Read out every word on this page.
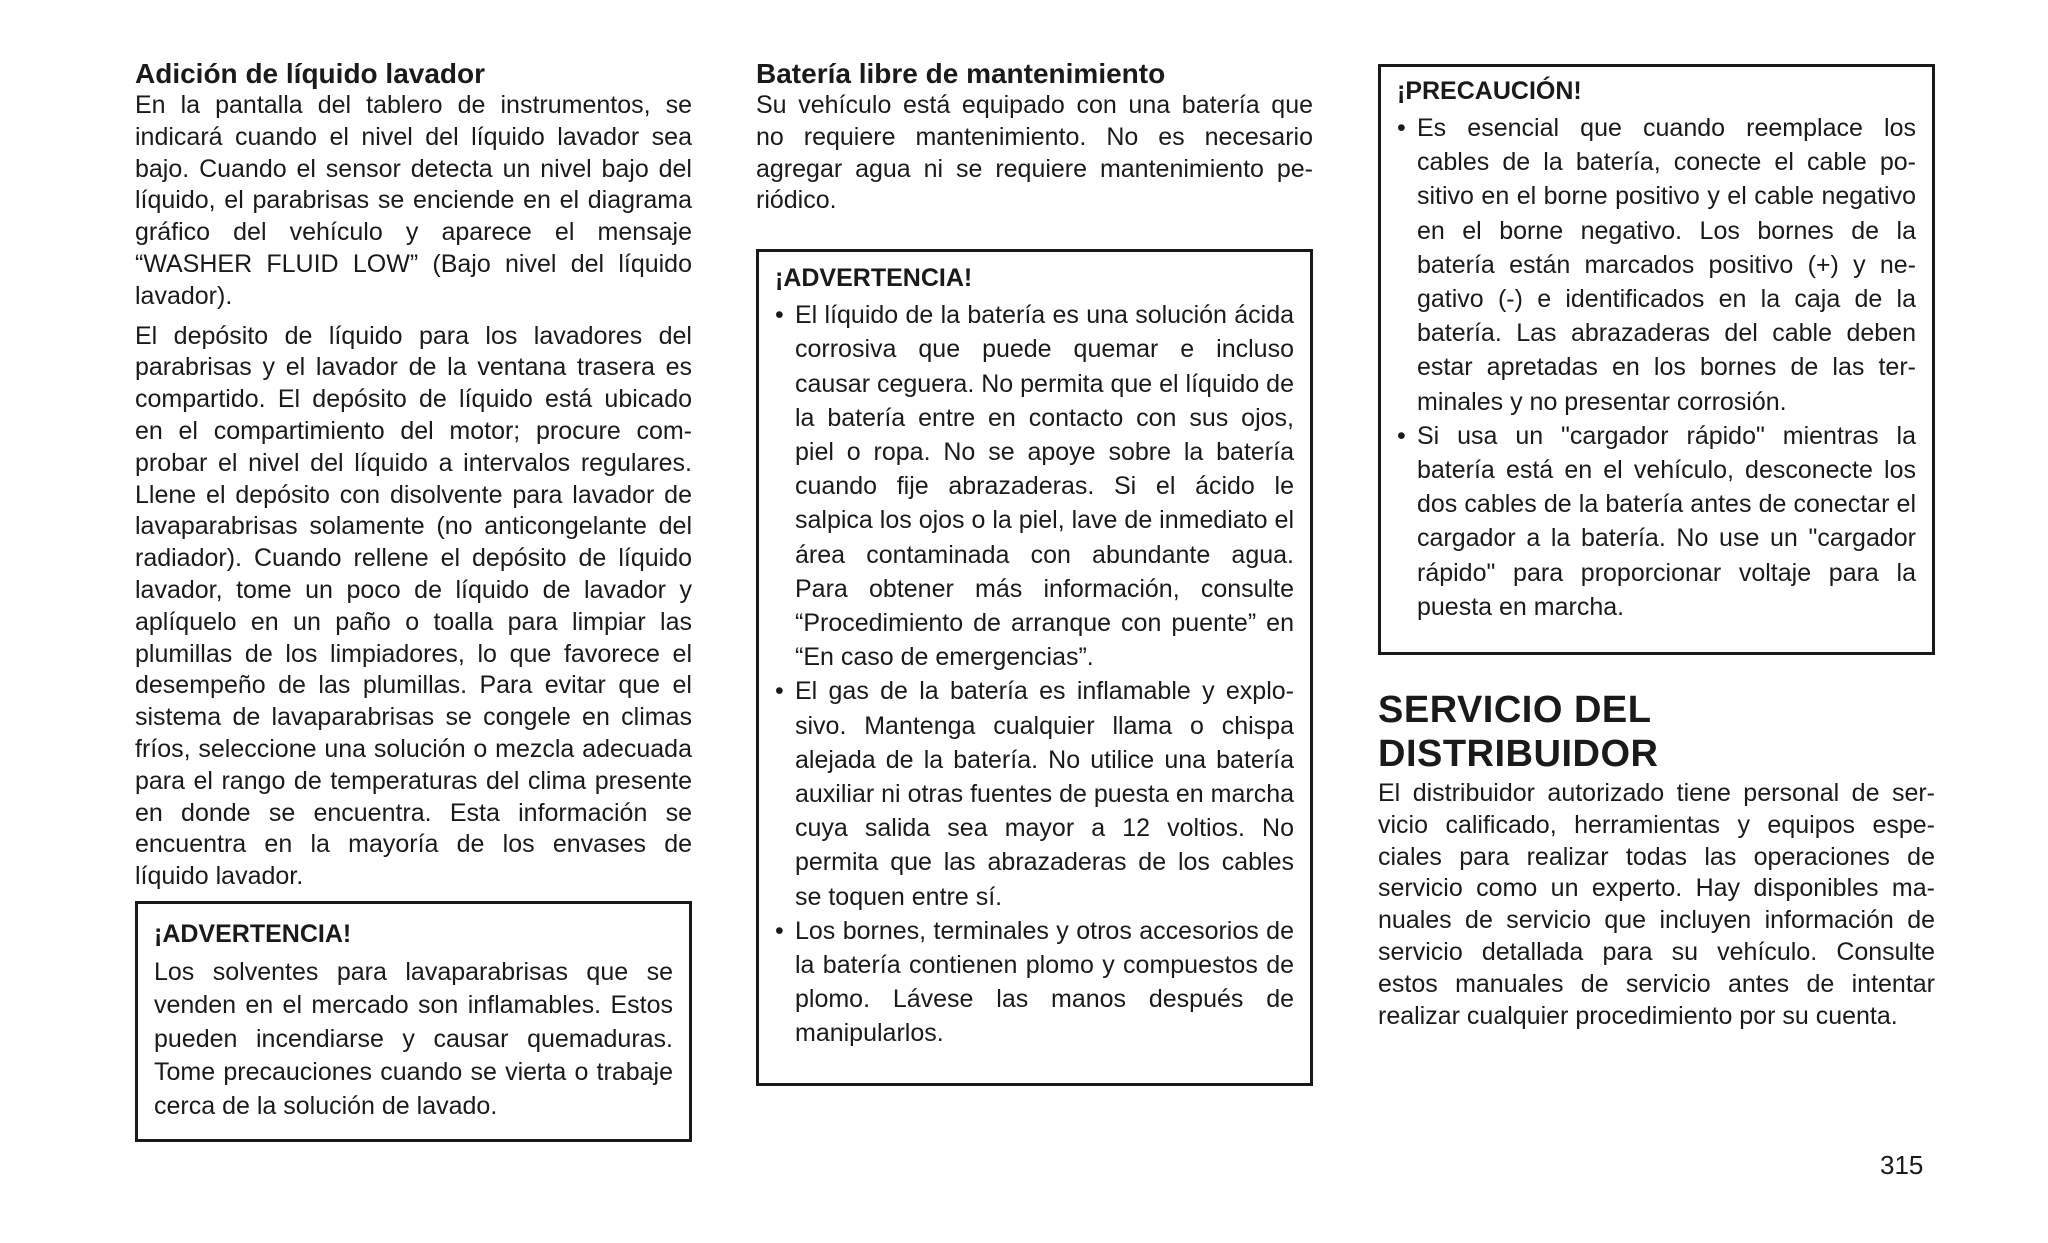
Adición de líquido lavador

En la pantalla del tablero de instrumentos, se indicará cuando el nivel del líquido lavador sea bajo. Cuando el sensor detecta un nivel bajo del líquido, el parabrisas se enciende en el diagrama gráfico del vehículo y aparece el mensaje “WASHER FLUID LOW” (Bajo nivel del líquido lavador).

El depósito de líquido para los lavadores del parabrisas y el lavador de la ventana trasera es compartido. El depósito de líquido está ubicado en el compartimiento del motor; procure comprobar el nivel del líquido a intervalos regulares. Llene el depósito con disolvente para lavador de lavaparabrisas solamente (no anticongelante del radiador). Cuando rellene el depósito de líquido lavador, tome un poco de líquido de lavador y aplíquelo en un paño o toalla para limpiar las plumillas de los limpiadores, lo que favorece el desempeño de las plumillas. Para evitar que el sistema de lavaparabrisas se congele en climas fríos, seleccione una solución o mezcla adecuada para el rango de temperaturas del clima presente en donde se encuentra. Esta información se encuentra en la mayoría de los envases de líquido lavador.

¡ADVERTENCIA!

Los solventes para lavaparabrisas que se venden en el mercado son inflamables. Estos pueden incendiarse y causar quemaduras. Tome precauciones cuando se vierta o trabaje cerca de la solución de lavado.

Batería libre de mantenimiento

Su vehículo está equipado con una batería que no requiere mantenimiento. No es necesario agregar agua ni se requiere mantenimiento periódico.

¡ADVERTENCIA!
• El líquido de la batería es una solución ácida corrosiva que puede quemar e incluso causar ceguera. No permita que el líquido de la batería entre en contacto con sus ojos, piel o ropa. No se apoye sobre la batería cuando fije abrazaderas. Si el ácido le salpica los ojos o la piel, lave de inmediato el área contaminada con abundante agua. Para obtener más información, consulte “Procedimiento de arranque con puente” en “En caso de emergencias”.
• El gas de la batería es inflamable y explosivo. Mantenga cualquier llama o chispa alejada de la batería. No utilice una batería auxiliar ni otras fuentes de puesta en marcha cuya salida sea mayor a 12 voltios. No permita que las abrazaderas de los cables se toquen entre sí.
• Los bornes, terminales y otros accesorios de la batería contienen plomo y compuestos de plomo. Lávese las manos después de manipularlos.
¡PRECAUCIÓN!
• Es esencial que cuando reemplace los cables de la batería, conecte el cable positivo en el borne positivo y el cable negativo en el borne negativo. Los bornes de la batería están marcados positivo (+) y negativo (-) e identificados en la caja de la batería. Las abrazaderas del cable deben estar apretadas en los bornes de las terminales y no presentar corrosión.
• Si usa un "cargador rápido" mientras la batería está en el vehículo, desconecte los dos cables de la batería antes de conectar el cargador a la batería. No use un "cargador rápido" para proporcionar voltaje para la puesta en marcha.
SERVICIO DEL DISTRIBUIDOR

El distribuidor autorizado tiene personal de servicio calificado, herramientas y equipos especiales para realizar todas las operaciones de servicio como un experto. Hay disponibles manuales de servicio que incluyen información de servicio detallada para su vehículo. Consulte estos manuales de servicio antes de intentar realizar cualquier procedimiento por su cuenta.

315
